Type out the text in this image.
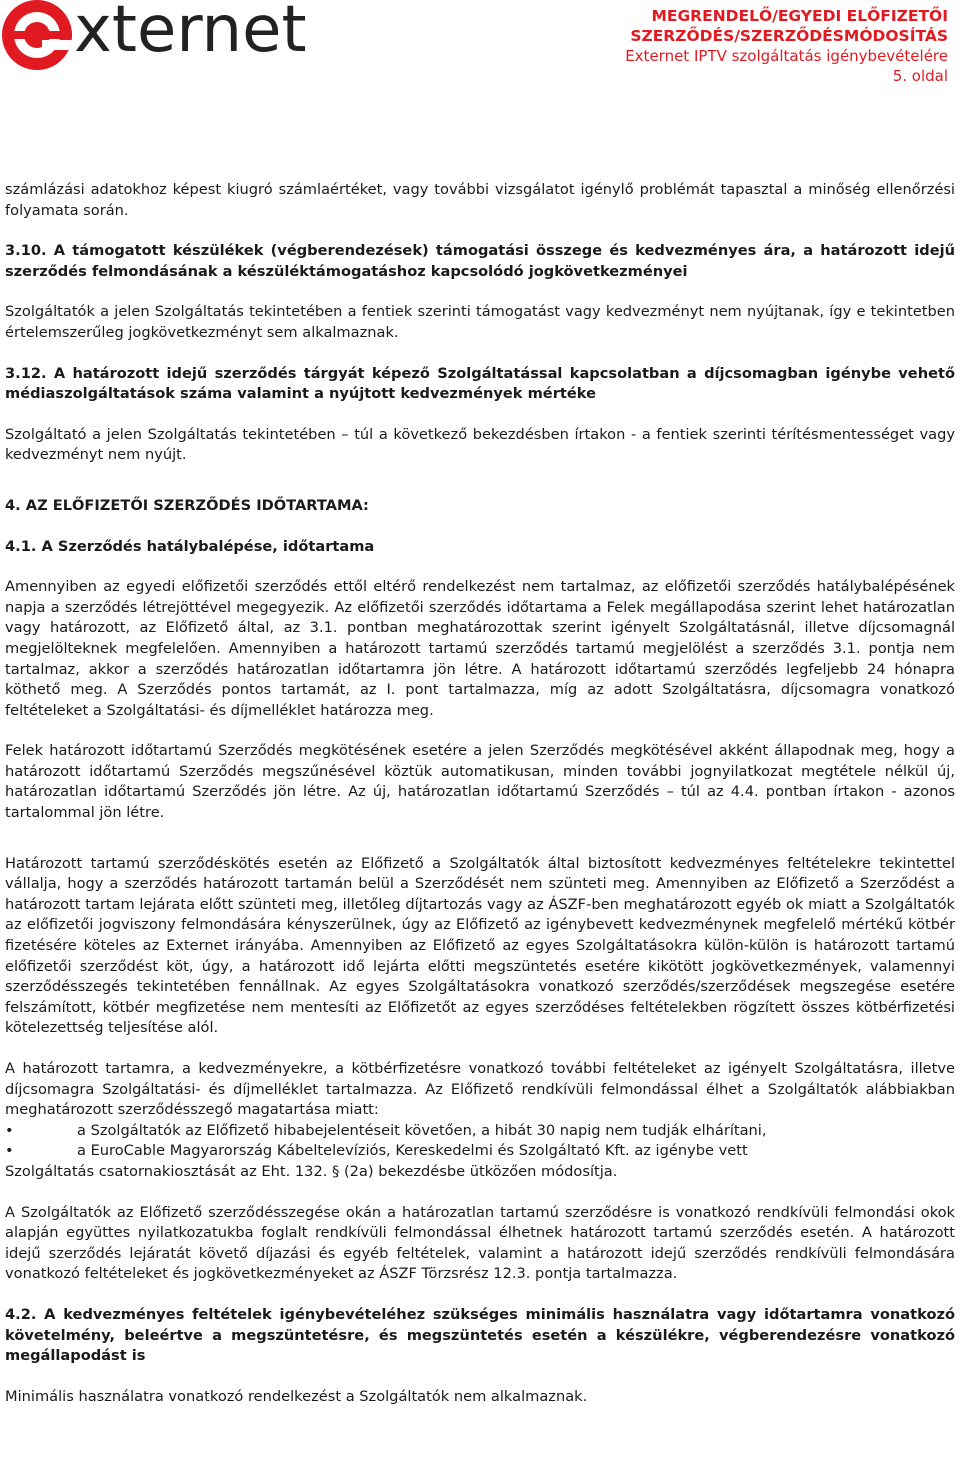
xternet	MEGRENDELŐ/EGYEDI ELŐFIZETŐI
SZERZŐDÉS/SZERZŐDÉSMÓDOSÍTÁS
Externet IPTV szolgáltatás igénybevételére
5. oldal

számlázási adatokhoz képest kiugró számlaértéket, vagy további vizsgálatot igénylő problémát tapasztal a minőség ellenőrzési folyamata során.

3.10. A támogatott készülékek (végberendezések) támogatási összege és kedvezményes ára, a határozott idejű szerződés felmondásának a készüléktámogatáshoz kapcsolódó jogkövetkezményei

Szolgáltatók a jelen Szolgáltatás tekintetében a fentiek szerinti támogatást vagy kedvezményt nem nyújtanak, így e tekintetben értelemszerűleg jogkövetkezményt sem alkalmaznak.

3.12. A határozott idejű szerződés tárgyát képező Szolgáltatással kapcsolatban a díjcsomagban igénybe vehető médiaszolgáltatások száma valamint a nyújtott kedvezmények mértéke

Szolgáltató a jelen Szolgáltatás tekintetében – túl a következő bekezdésben írtakon - a fentiek szerinti térítésmentességet vagy kedvezményt nem nyújt.

4. AZ ELŐFIZETŐI SZERZŐDÉS IDŐTARTAMA:

4.1. A Szerződés hatálybalépése, időtartama

Amennyiben az egyedi előfizetői szerződés ettől eltérő rendelkezést nem tartalmaz, az előfizetői szerződés hatálybalépésének napja a szerződés létrejöttével megegyezik. Az előfizetői szerződés időtartama a Felek megállapodása szerint lehet határozatlan vagy határozott, az Előfizető által, az 3.1. pontban meghatározottak szerint igényelt Szolgáltatásnál, illetve díjcsomagnál megjelölteknek megfelelően. Amennyiben a határozott tartamú szerződés tartamú megjelölést a szerződés 3.1. pontja nem tartalmaz, akkor a szerződés határozatlan időtartamra jön létre. A határozott időtartamú szerződés legfeljebb 24 hónapra köthető meg. A Szerződés pontos tartamát, az I. pont tartalmazza, míg az adott Szolgáltatásra, díjcsomagra vonatkozó feltételeket a Szolgáltatási- és díjmelléklet határozza meg.

Felek határozott időtartamú Szerződés megkötésének esetére a jelen Szerződés megkötésével akként állapodnak meg, hogy a határozott időtartamú Szerződés megszűnésével köztük automatikusan, minden további jognyilatkozat megtétele nélkül új, határozatlan időtartamú Szerződés jön létre. Az új, határozatlan időtartamú Szerződés – túl az 4.4. pontban írtakon - azonos tartalommal jön létre.

Határozott tartamú szerződéskötés esetén az Előfizető a Szolgáltatók által biztosított kedvezményes feltételekre tekintettel vállalja, hogy a szerződés határozott tartamán belül a Szerződését nem szünteti meg. Amennyiben az Előfizető a Szerződést a határozott tartam lejárata előtt szünteti meg, illetőleg díjtartozás vagy az ÁSZF-ben meghatározott egyéb ok miatt a Szolgáltatók az előfizetői jogviszony felmondására kényszerülnek, úgy az Előfizető az igénybevett kedvezménynek megfelelő mértékű kötbér fizetésére köteles az Externet irányába. Amennyiben az Előfizető az egyes Szolgáltatásokra külön-külön is határozott tartamú előfizetői szerződést köt, úgy, a határozott idő lejárta előtti megszüntetés esetére kikötött jogkövetkezmények, valamennyi szerződésszegés tekintetében fennállnak. Az egyes Szolgáltatásokra vonatkozó szerződés/szerződések megszegése esetére felszámított, kötbér megfizetése nem mentesíti az Előfizetőt az egyes szerződéses feltételekben rögzített összes kötbérfizetési kötelezettség teljesítése alól.

A határozott tartamra, a kedvezményekre, a kötbérfizetésre vonatkozó további feltételeket az igényelt Szolgáltatásra, illetve díjcsomagra Szolgáltatási- és díjmelléklet tartalmazza. Az Előfizető rendkívüli felmondással élhet a Szolgáltatók alábbiakban meghatározott szerződésszegő magatartása miatt:

•	a Szolgáltatók az Előfizető hibabejelentéseit követően, a hibát 30 napig nem tudják elhárítani,
•	a EuroCable Magyarország Kábeltelevíziós, Kereskedelmi és Szolgáltató Kft. az igénybe vett

Szolgáltatás csatornakiosztását az Eht. 132. § (2a) bekezdésbe ütközően módosítja.

A Szolgáltatók az Előfizető szerződésszegése okán a határozatlan tartamú szerződésre is vonatkozó rendkívüli felmondási okok alapján együttes nyilatkozatukba foglalt rendkívüli felmondással élhetnek határozott tartamú szerződés esetén. A határozott idejű szerződés lejáratát követő díjazási és egyéb feltételek, valamint a határozott idejű szerződés rendkívüli felmondására vonatkozó feltételeket és jogkövetkezményeket az ÁSZF Törzsrész 12.3. pontja tartalmazza.

4.2. A kedvezményes feltételek igénybevételéhez szükséges minimális használatra vagy időtartamra vonatkozó követelmény, beleértve a megszüntetésre, és megszüntetés esetén a készülékre, végberendezésre vonatkozó megállapodást is

Minimális használatra vonatkozó rendelkezést a Szolgáltatók nem alkalmaznak.
